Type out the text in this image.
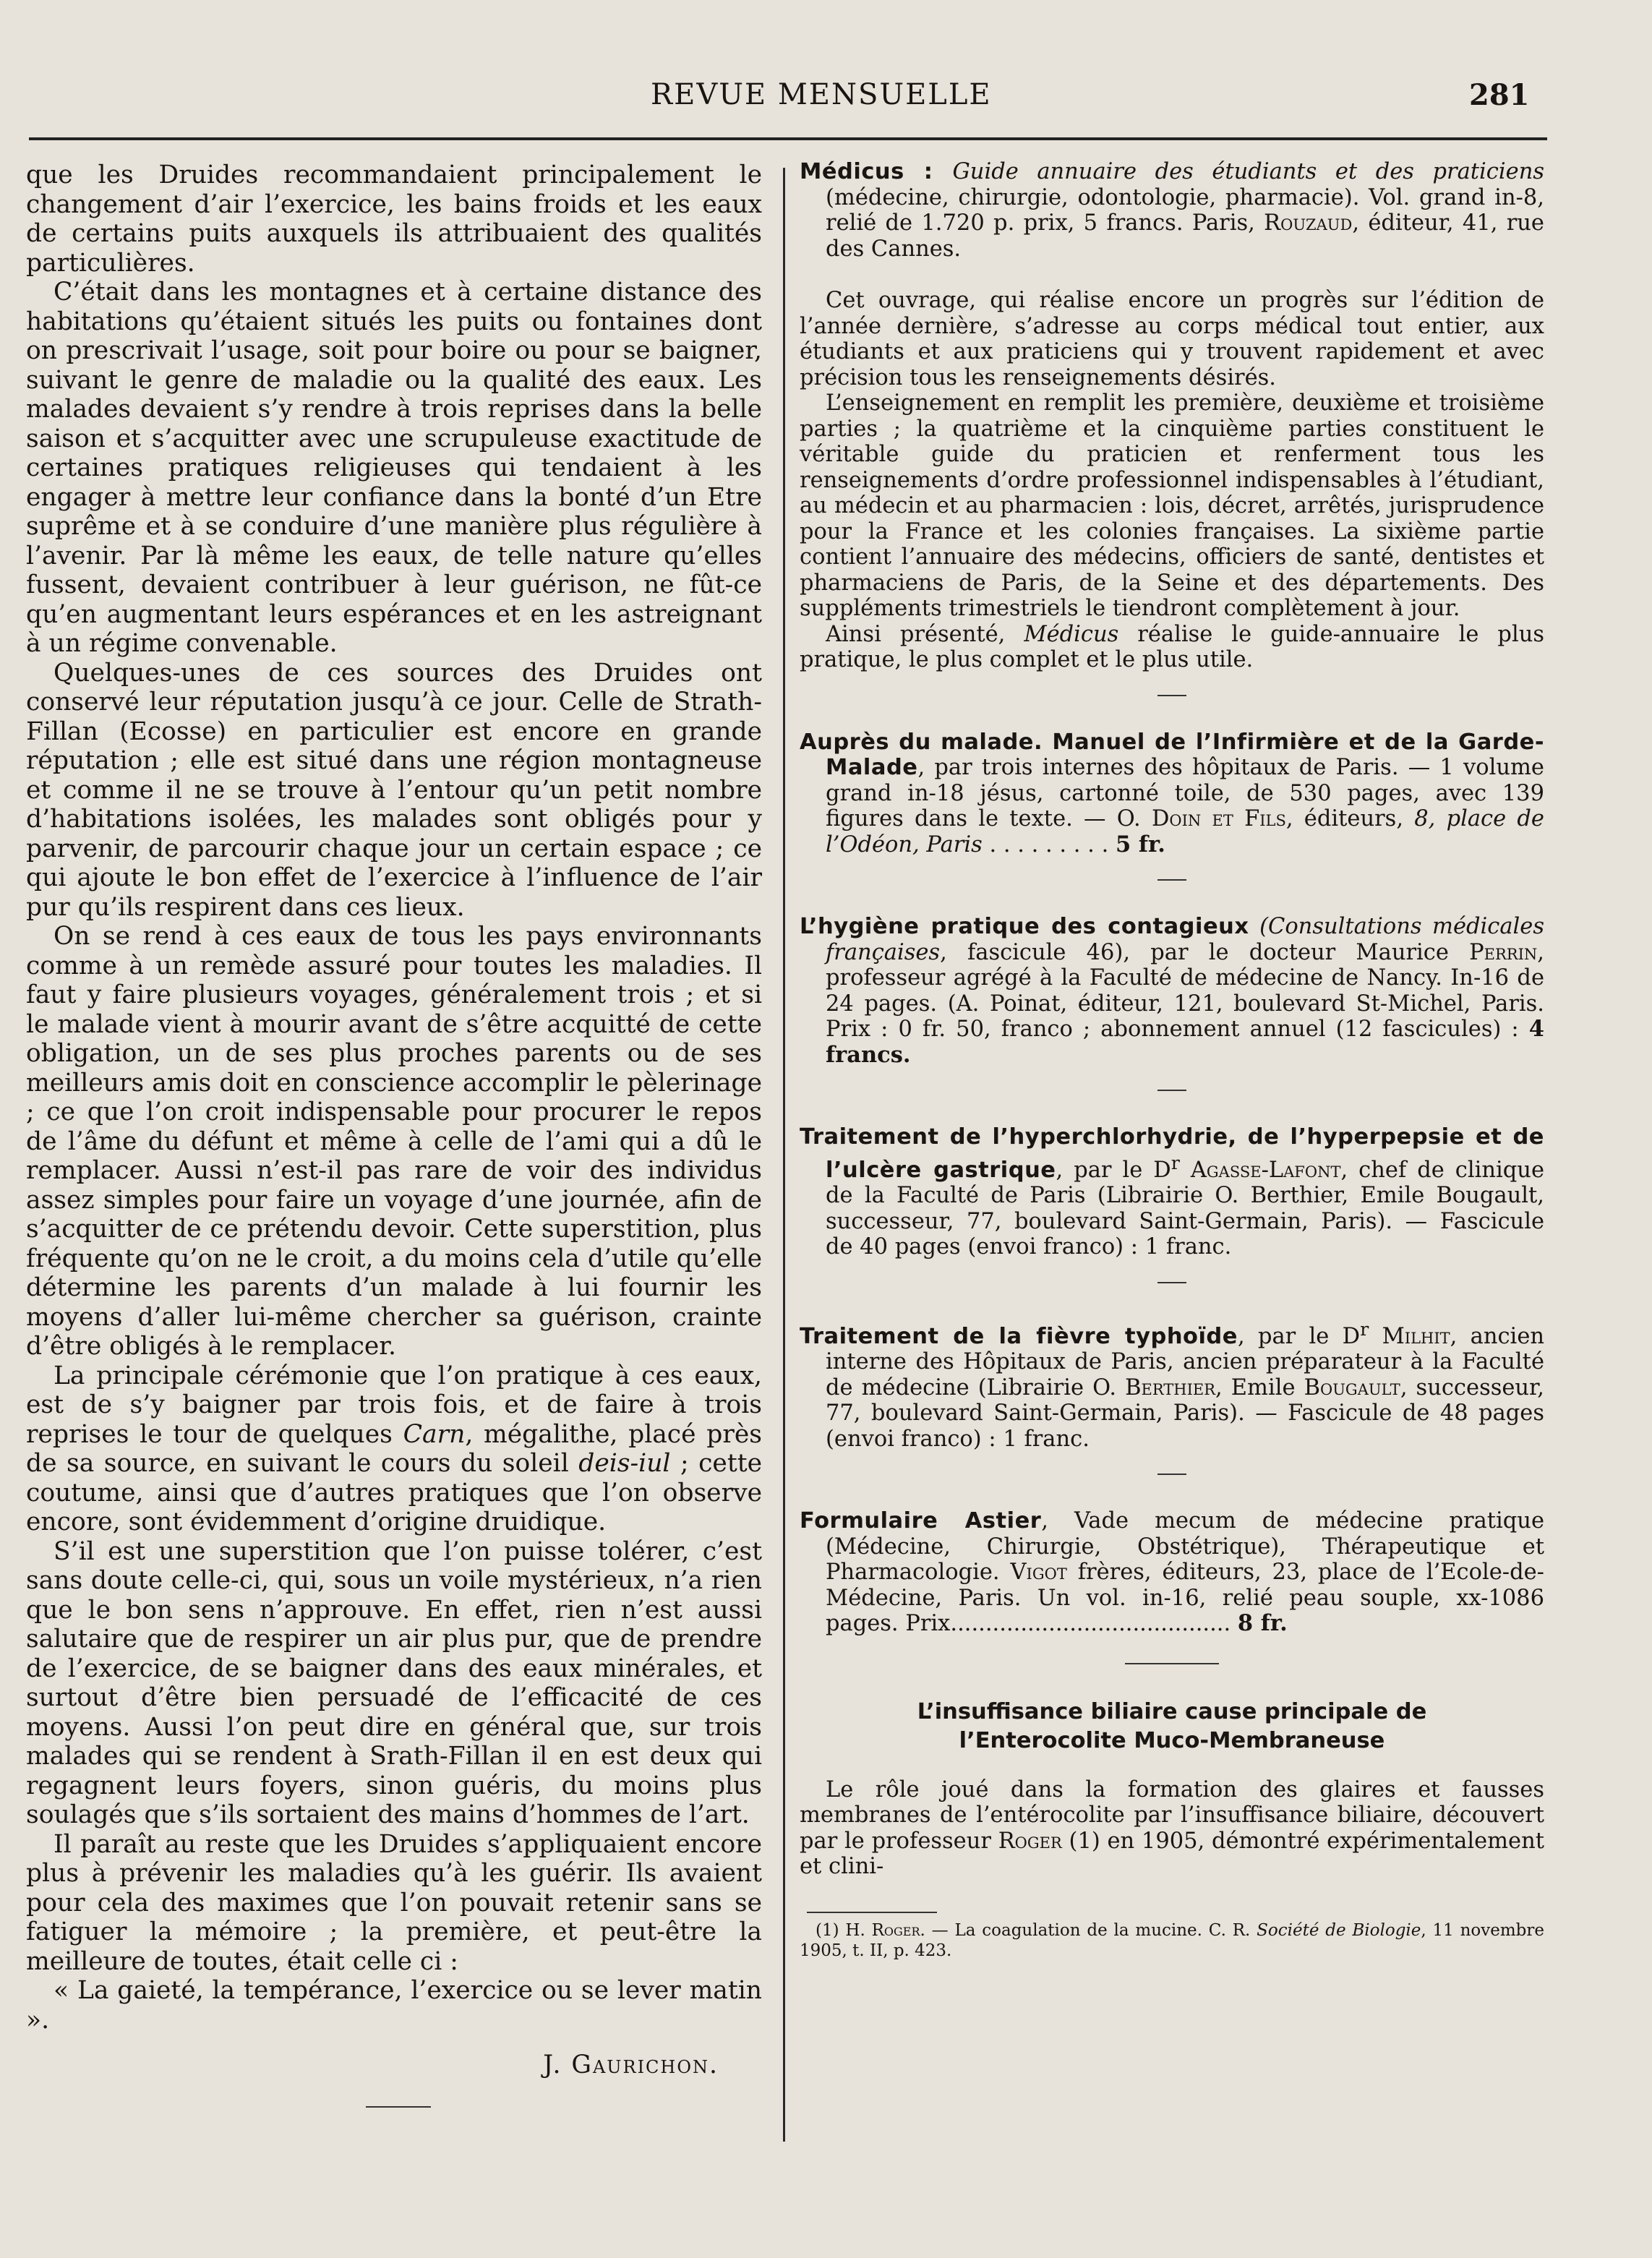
REVUE MENSUELLE	281

que les Druides recommandaient principalement le changement d’air l’exercice, les bains froids et les eaux de certains puits auxquels ils attribuaient des qualités particulières.

C’était dans les montagnes et à certaine distance des habitations qu’étaient situés les puits ou fontaines dont on prescrivait l’usage, soit pour boire ou pour se baigner, suivant le genre de maladie ou la qualité des eaux. Les malades devaient s’y rendre à trois reprises dans la belle saison et s’acquitter avec une scrupuleuse exactitude de certaines pratiques religieuses qui tendaient à les engager à mettre leur confiance dans la bonté d’un Etre suprême et à se conduire d’une manière plus régulière à l’avenir. Par là même les eaux, de telle nature qu’elles fussent, devaient contribuer à leur guérison, ne fût-ce qu’en augmentant leurs espérances et en les astreignant à un régime convenable.

Quelques-unes de ces sources des Druides ont conservé leur réputation jusqu’à ce jour. Celle de Strath-Fillan (Ecosse) en particulier est encore en grande réputation ; elle est situé dans une région montagneuse et comme il ne se trouve à l’entour qu’un petit nombre d’habitations isolées, les malades sont obligés pour y parvenir, de parcourir chaque jour un certain espace ; ce qui ajoute le bon effet de l’exercice à l’influence de l’air pur qu’ils respirent dans ces lieux.

On se rend à ces eaux de tous les pays environnants comme à un remède assuré pour toutes les maladies. Il faut y faire plusieurs voyages, généralement trois ; et si le malade vient à mourir avant de s’être acquitté de cette obligation, un de ses plus proches parents ou de ses meilleurs amis doit en conscience accomplir le pèlerinage ; ce que l’on croit indispensable pour procurer le repos de l’âme du défunt et même à celle de l’ami qui a dû le remplacer. Aussi n’est-il pas rare de voir des individus assez simples pour faire un voyage d’une journée, afin de s’acquitter de ce prétendu devoir. Cette superstition, plus fréquente qu’on ne le croit, a du moins cela d’utile qu’elle détermine les parents d’un malade à lui fournir les moyens d’aller lui-même chercher sa guérison, crainte d’être obligés à le remplacer.

La principale cérémonie que l’on pratique à ces eaux, est de s’y baigner par trois fois, et de faire à trois reprises le tour de quelques Carn, mégalithe, placé près de sa source, en suivant le cours du soleil deis-iul ; cette coutume, ainsi que d’autres pratiques que l’on observe encore, sont évidemment d’origine druidique.

S’il est une superstition que l’on puisse tolérer, c’est sans doute celle-ci, qui, sous un voile mystérieux, n’a rien que le bon sens n’approuve. En effet, rien n’est aussi salutaire que de respirer un air plus pur, que de prendre de l’exercice, de se baigner dans des eaux minérales, et surtout d’être bien persuadé de l’efficacité de ces moyens. Aussi l’on peut dire en général que, sur trois malades qui se rendent à Srath-Fillan il en est deux qui regagnent leurs foyers, sinon guéris, du moins plus soulagés que s’ils sortaient des mains d’hommes de l’art.

Il paraît au reste que les Druides s’appliquaient encore plus à prévenir les maladies qu’à les guérir. Ils avaient pour cela des maximes que l’on pouvait retenir sans se fatiguer la mémoire ; la première, et peut-être la meilleure de toutes, était celle ci :

« La gaieté, la tempérance, l’exercice ou se lever matin ».

J. Gaurichon.

Médicus : Guide annuaire des étudiants et des praticiens (médecine, chirurgie, odontologie, pharmacie). Vol. grand in-8, relié de 1.720 p. prix, 5 francs. Paris, Rouzaud, éditeur, 41, rue des Cannes.

Cet ouvrage, qui réalise encore un progrès sur l’édition de l’année dernière, s’adresse au corps médical tout entier, aux étudiants et aux praticiens qui y trouvent rapidement et avec précision tous les renseignements désirés.

L’enseignement en remplit les première, deuxième et troisième parties ; la quatrième et la cinquième parties constituent le véritable guide du praticien et renferment tous les renseignements d’ordre professionnel indispensables à l’étudiant, au médecin et au pharmacien : lois, décret, arrêtés, jurisprudence pour la France et les colonies françaises. La sixième partie contient l’annuaire des médecins, officiers de santé, dentistes et pharmaciens de Paris, de la Seine et des départements. Des suppléments trimestriels le tiendront complètement à jour.

Ainsi présenté, Médicus réalise le guide-annuaire le plus pratique, le plus complet et le plus utile.

Auprès du malade. Manuel de l’Infirmière et de la Garde-Malade, par trois internes des hôpitaux de Paris. — 1 volume grand in-18 jésus, cartonné toile, de 530 pages, avec 139 figures dans le texte. — O. Doin et Fils, éditeurs, 8, place de l’Odéon, Paris . . . . . . . . . 5 fr.

L’hygiène pratique des contagieux (Consultations médicales françaises, fascicule 46), par le docteur Maurice Perrin, professeur agrégé à la Faculté de médecine de Nancy. In-16 de 24 pages. (A. Poinat, éditeur, 121, boulevard St-Michel, Paris. Prix : 0 fr. 50, franco ; abonnement annuel (12 fascicules) : 4 francs.

Traitement de l’hyperchlorhydrie, de l’hyperpepsie et de l’ulcère gastrique, par le $D^r$ Agasse-Lafont, chef de clinique de la Faculté de Paris (Librairie O. Berthier, Emile Bougault, successeur, 77, boulevard Saint-Germain, Paris). — Fascicule de 40 pages (envoi franco) : 1 franc.

Traitement de la fièvre typhoïde, par le $D^r$ Milhit, ancien interne des Hôpitaux de Paris, ancien préparateur à la Faculté de médecine (Librairie O. Berthier, Emile Bougault, successeur, 77, boulevard Saint-Germain, Paris). — Fascicule de 48 pages (envoi franco) : 1 franc.

Formulaire Astier, Vade mecum de médecine pratique (Médecine, Chirurgie, Obstétrique), Thérapeutique et Pharmacologie. Vigot frères, éditeurs, 23, place de l’Ecole-de-Médecine, Paris. Un vol. in-16, relié peau souple, xx-1086 pages. Prix........................................ 8 fr.

L’insuffisance biliaire cause principale de
l’Enterocolite Muco-Membraneuse

Le rôle joué dans la formation des glaires et fausses membranes de l’entérocolite par l’insuffisance biliaire, découvert par le professeur Roger (1) en 1905, démontré expérimentalement et clini-

(1) H. Roger. — La coagulation de la mucine. C. R. Société de Biologie, 11 novembre 1905, t. II, p. 423.
